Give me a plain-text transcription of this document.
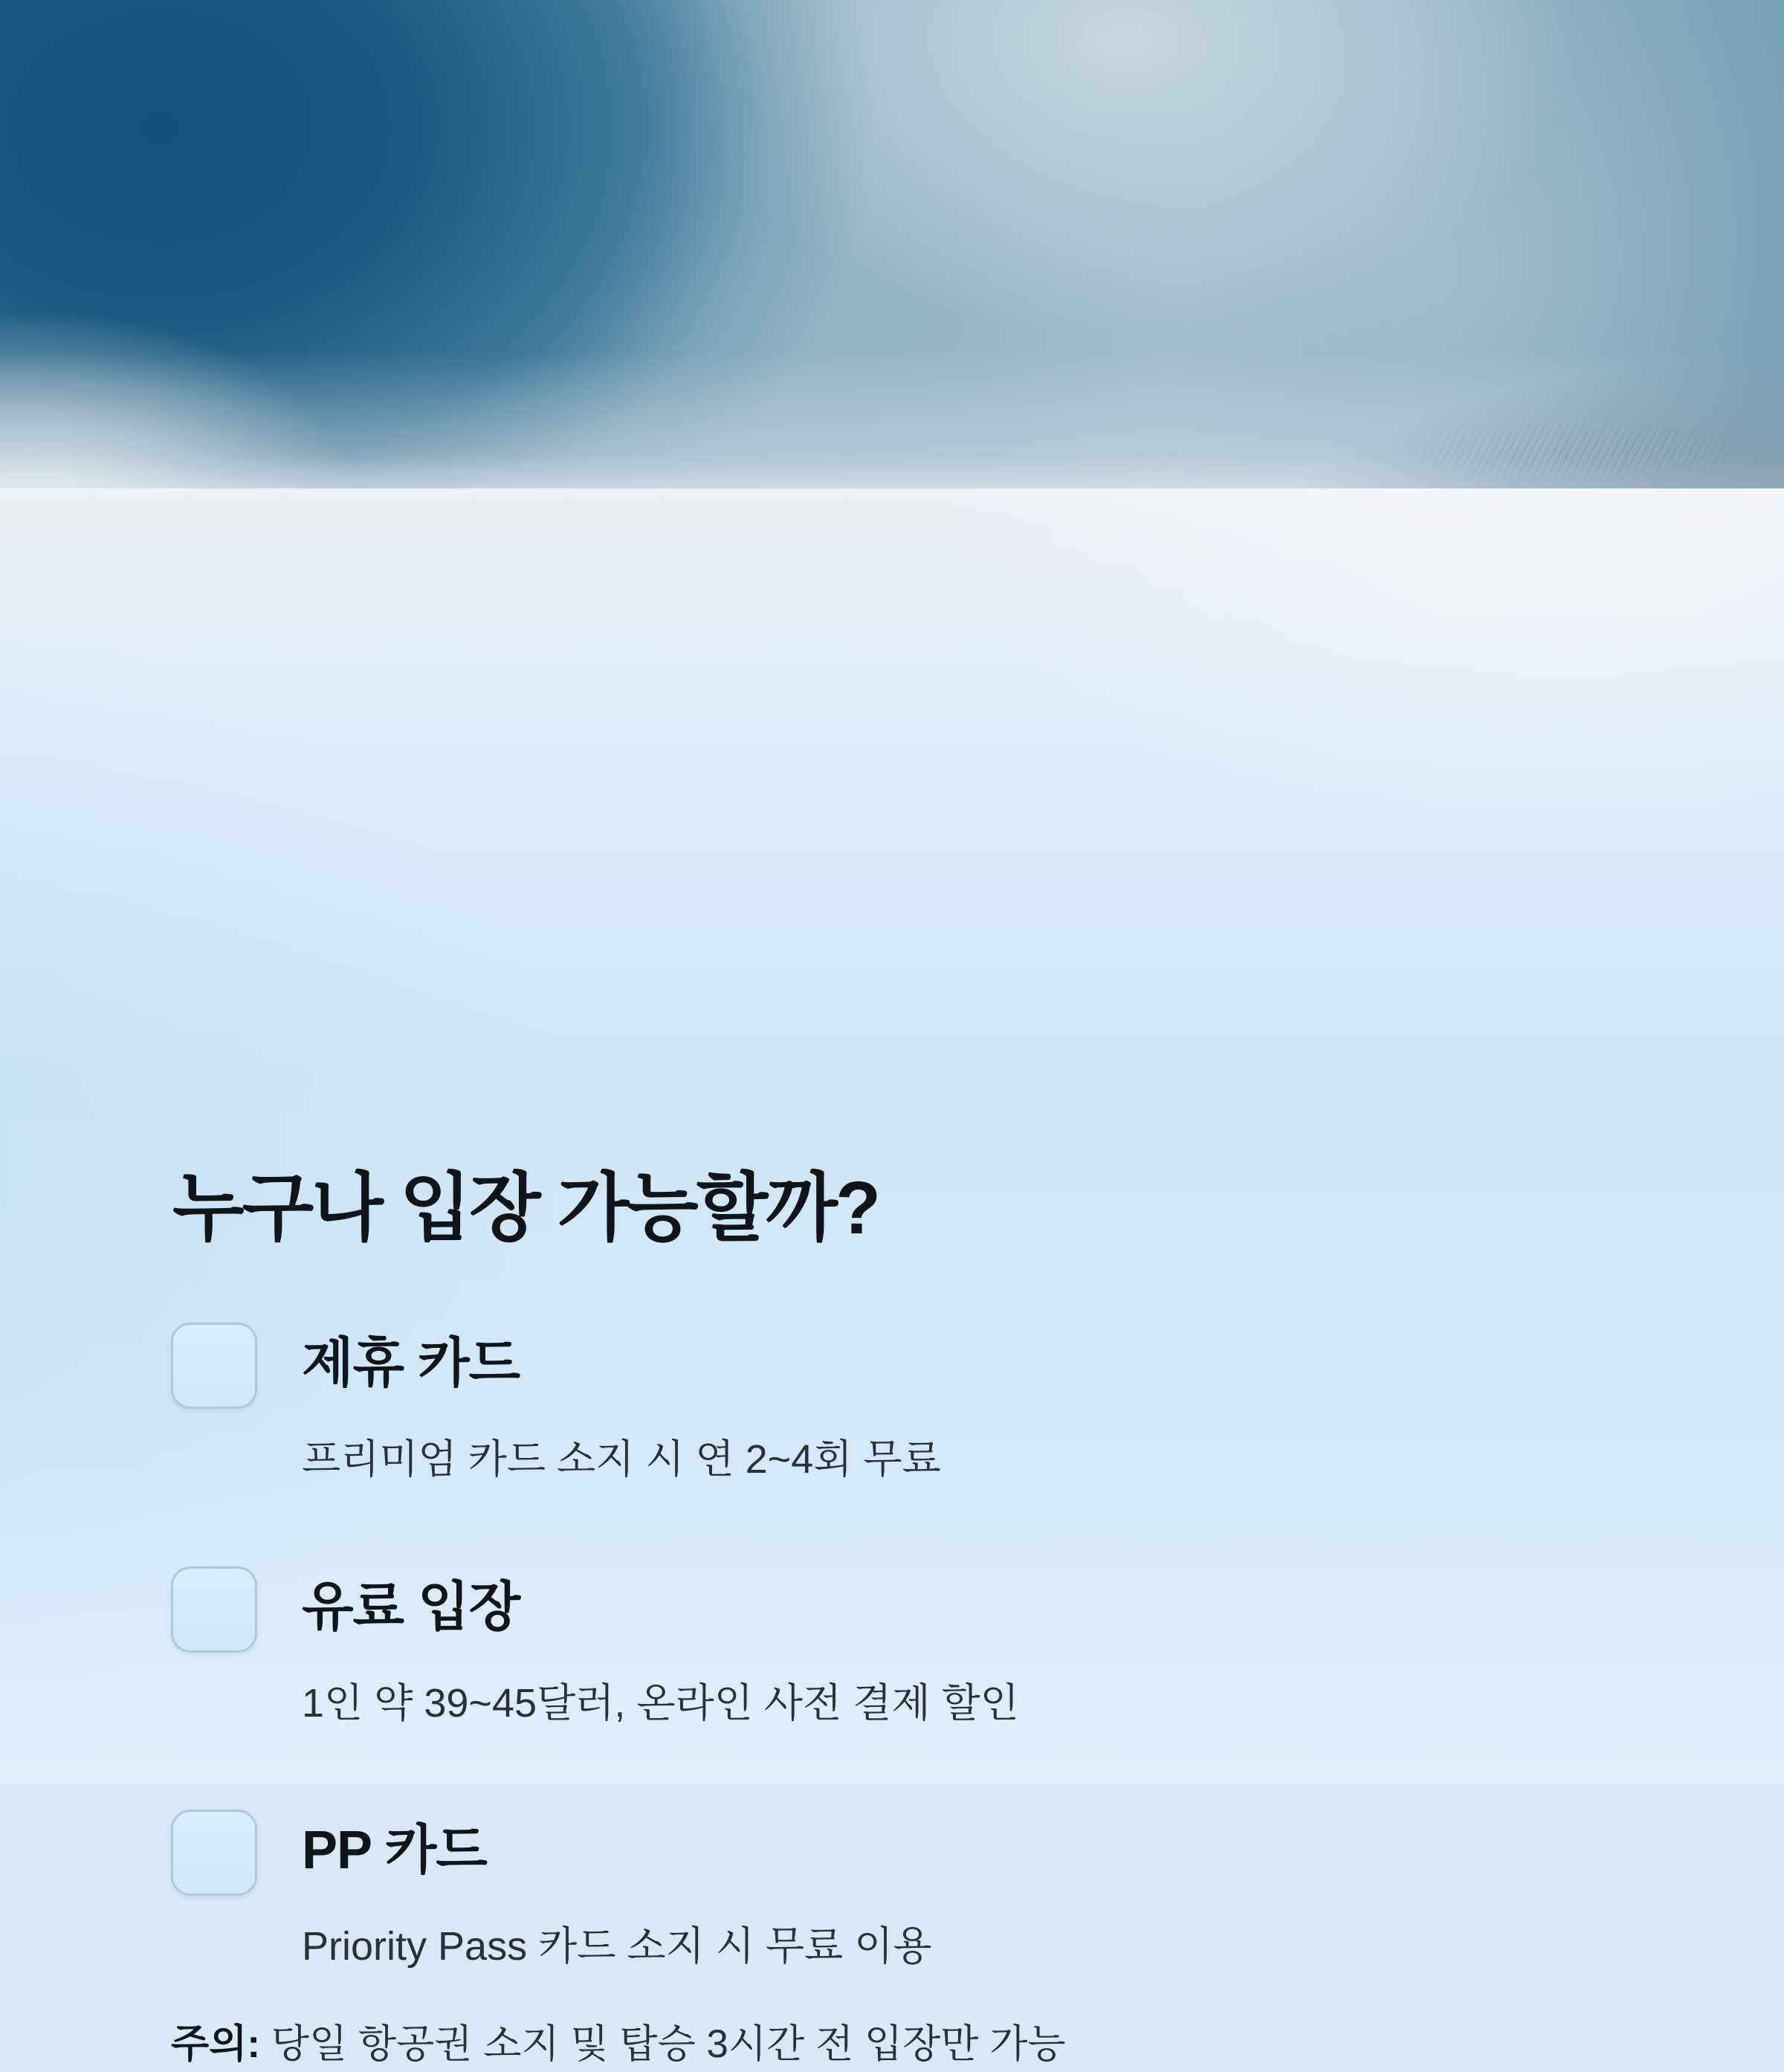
누구나 입장 가능할까?
제휴 카드
프리미엄 카드 소지 시 연 2~4회 무료
유료 입장
1인 약 39~45달러, 온라인 사전 결제 할인
PP 카드
Priority Pass 카드 소지 시 무료 이용

주의: 당일 항공권 소지 및 탑승 3시간 전 입장만 가능
